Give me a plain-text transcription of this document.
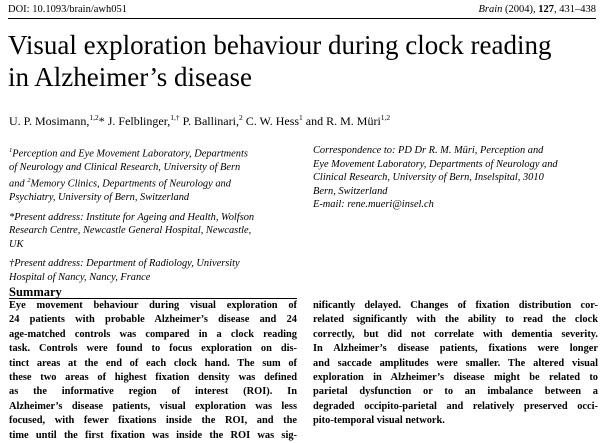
DOI: 10.1093/brain/awh051	Brain (2004), 127, 431–438
Visual exploration behaviour during clock reading
in Alzheimer’s disease
U. P. Mosimann,$^{1,2}$* J. Felblinger,$^{1,\dagger}$ P. Ballinari,$^2$ C. W. Hess$^1$ and R. M. Müri$^{1,2}$

$^1$Perception and Eye Movement Laboratory, Departments
of Neurology and Clinical Research, University of Bern
and $^2$Memory Clinics, Departments of Neurology and
Psychiatry, University of Bern, Switzerland

*Present address: Institute for Ageing and Health, Wolfson
Research Centre, Newcastle General Hospital, Newcastle,
UK

†Present address: Department of Radiology, University
Hospital of Nancy, Nancy, France

Correspondence to: PD Dr R. M. Müri, Perception and
Eye Movement Laboratory, Departments of Neurology and
Clinical Research, University of Bern, Inselspital, 3010
Bern, Switzerland
E-mail: rene.mueri@insel.ch
Summary
Eye movement behaviour during visual exploration of
24 patients with probable Alzheimer’s disease and 24
age-matched controls was compared in a clock reading
task. Controls were found to focus exploration on dis-
tinct areas at the end of each clock hand. The sum of
these two areas of highest fixation density was defined
as the informative region of interest (ROI). In
Alzheimer’s disease patients, visual exploration was less
focused, with fewer fixations inside the ROI, and the
time until the first fixation was inside the ROI was sig-
nificantly delayed. Changes of fixation distribution cor-
related significantly with the ability to read the clock
correctly, but did not correlate with dementia severity.
In Alzheimer’s disease patients, fixations were longer
and saccade amplitudes were smaller. The altered visual
exploration in Alzheimer’s disease might be related to
parietal dysfunction or to an imbalance between a
degraded occipito-parietal and relatively preserved occi-
pito-temporal visual network.
